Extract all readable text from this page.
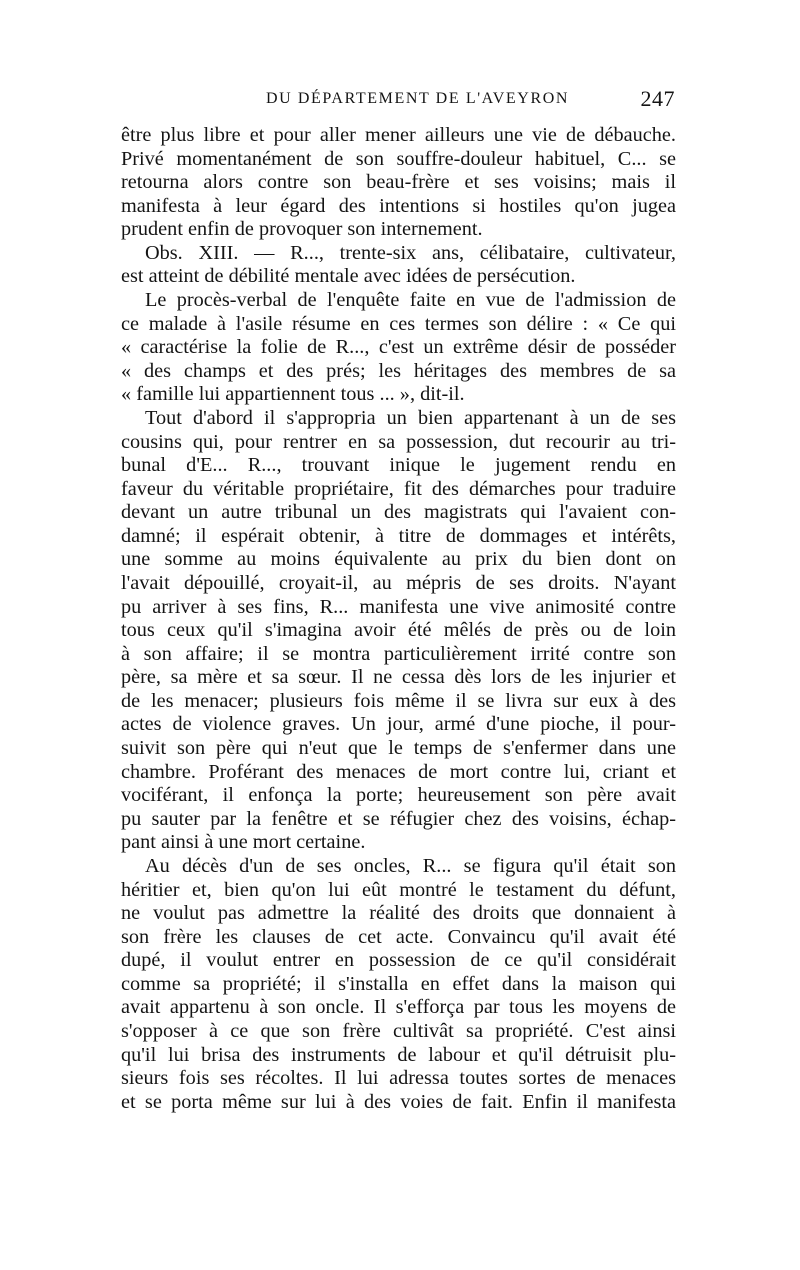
DU DÉPARTEMENT DE L'AVEYRON	247
être plus libre et pour aller mener ailleurs une vie de débauche.
Privé momentanément de son souffre-douleur habituel, C... se
retourna alors contre son beau-frère et ses voisins; mais il
manifesta à leur égard des intentions si hostiles qu'on jugea
prudent enfin de provoquer son internement.
Obs. XIII. — R..., trente-six ans, célibataire, cultivateur,
est atteint de débilité mentale avec idées de persécution.
Le procès-verbal de l'enquête faite en vue de l'admission de
ce malade à l'asile résume en ces termes son délire : « Ce qui
« caractérise la folie de R..., c'est un extrême désir de posséder
« des champs et des prés; les héritages des membres de sa
« famille lui appartiennent tous ... », dit-il.
Tout d'abord il s'appropria un bien appartenant à un de ses
cousins qui, pour rentrer en sa possession, dut recourir au tri-
bunal d'E... R..., trouvant inique le jugement rendu en
faveur du véritable propriétaire, fit des démarches pour traduire
devant un autre tribunal un des magistrats qui l'avaient con-
damné; il espérait obtenir, à titre de dommages et intérêts,
une somme au moins équivalente au prix du bien dont on
l'avait dépouillé, croyait-il, au mépris de ses droits. N'ayant
pu arriver à ses fins, R... manifesta une vive animosité contre
tous ceux qu'il s'imagina avoir été mêlés de près ou de loin
à son affaire; il se montra particulièrement irrité contre son
père, sa mère et sa sœur. Il ne cessa dès lors de les injurier et
de les menacer; plusieurs fois même il se livra sur eux à des
actes de violence graves. Un jour, armé d'une pioche, il pour-
suivit son père qui n'eut que le temps de s'enfermer dans une
chambre. Proférant des menaces de mort contre lui, criant et
vociférant, il enfonça la porte; heureusement son père avait
pu sauter par la fenêtre et se réfugier chez des voisins, échap-
pant ainsi à une mort certaine.
Au décès d'un de ses oncles, R... se figura qu'il était son
héritier et, bien qu'on lui eût montré le testament du défunt,
ne voulut pas admettre la réalité des droits que donnaient à
son frère les clauses de cet acte. Convaincu qu'il avait été
dupé, il voulut entrer en possession de ce qu'il considérait
comme sa propriété; il s'installa en effet dans la maison qui
avait appartenu à son oncle. Il s'efforça par tous les moyens de
s'opposer à ce que son frère cultivât sa propriété. C'est ainsi
qu'il lui brisa des instruments de labour et qu'il détruisit plu-
sieurs fois ses récoltes. Il lui adressa toutes sortes de menaces
et se porta même sur lui à des voies de fait. Enfin il manifesta
